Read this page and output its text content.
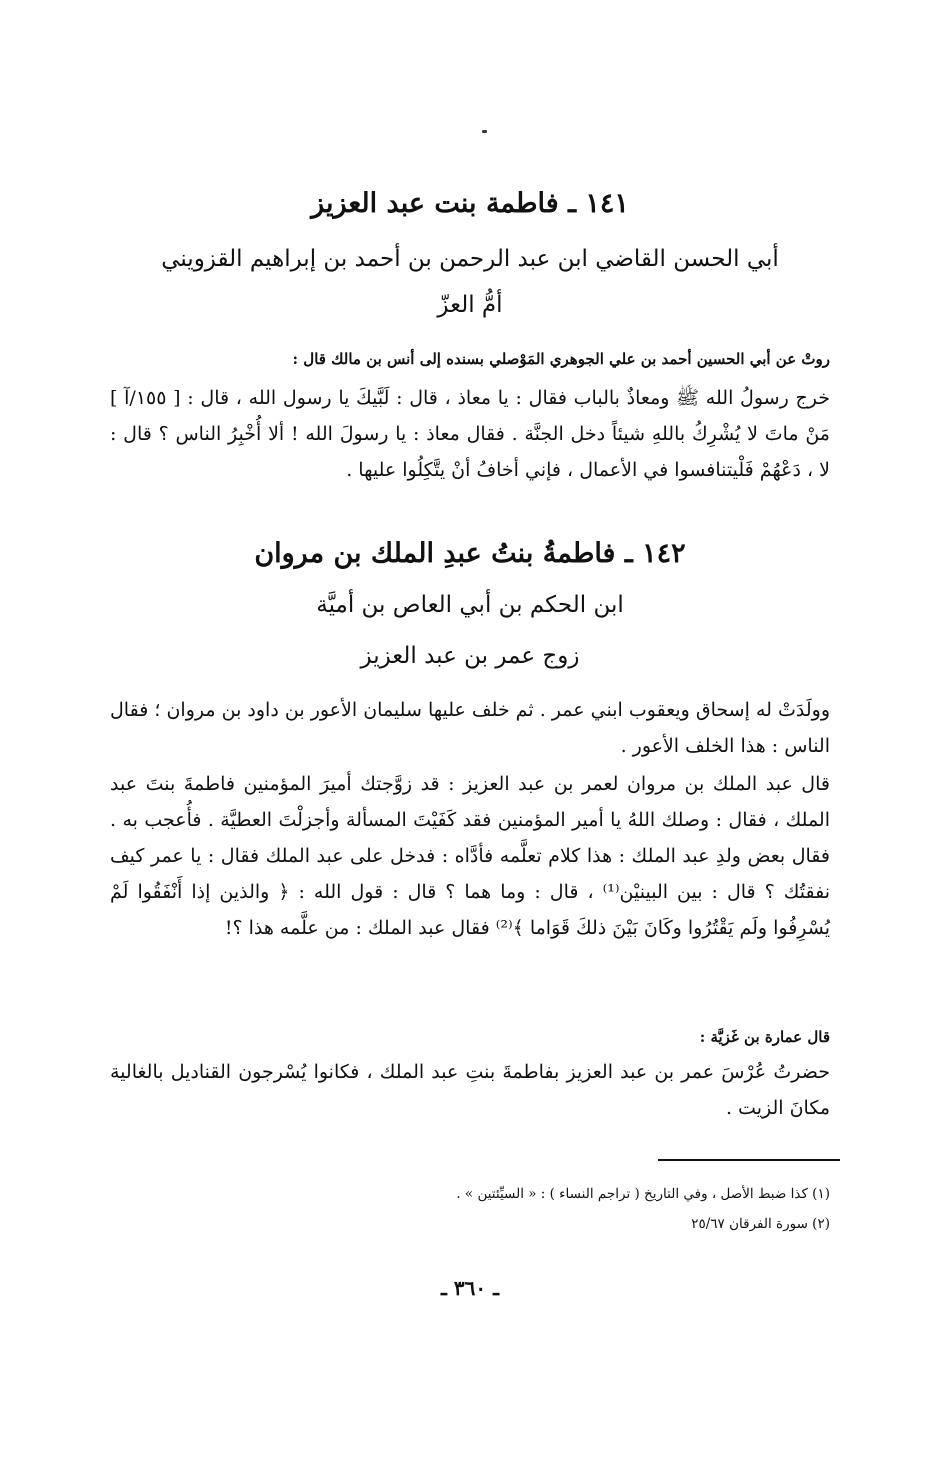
١٤١ ـ فاطمة بنت عبد العزيز
أبي الحسن القاضي ابن عبد الرحمن بن أحمد بن إبراهيم القزويني
أمُّ العزّ
روتْ عن أبي الحسين أحمد بن علي الجوهري المَوْصلي بسنده إلى أنس بن مالك قال :
خرج رسولُ الله ﷺ ومعاذٌ بالباب فقال : يا معاذ ، قال : لَبَّيكَ يا رسول الله ، قال : [ ١٥٥/آ ] مَنْ ماتَ لا يُشْرِكُ باللهِ شيئاً دخل الجنَّة . فقال معاذ : يا رسولَ الله ! ألا أُخْبِرُ الناس ؟ قال : لا ، دَعْهُمْ فَلْيتنافسوا في الأعمال ، فإني أخافُ أنْ يتَّكِلُوا عليها .
١٤٢ ـ فاطمةُ بنتُ عبدِ الملك بن مروان
ابن الحكم بن أبي العاص بن أميَّة
زوج عمر بن عبد العزيز
وولَدَتْ له إسحاق ويعقوب ابني عمر . ثم خلف عليها سليمان الأعور بن داود بن مروان ؛ فقال الناس : هذا الخلف الأعور .
قال عبد الملك بن مروان لعمر بن عبد العزيز : قد زوَّجتك أميرَ المؤمنين فاطمةَ بنتَ عبد الملك ، فقال : وصلك اللهُ يا أمير المؤمنين فقد كَفَيْتَ المسألة وأجزلْتَ العطيَّة . فأُعجب به . فقال بعض ولدِ عبد الملك : هذا كلام تعلَّمه فأدَّاه : فدخل على عبد الملك فقال : يا عمر كيف نفقتُك ؟ قال : بين البينيْن⁽¹⁾ ، قال : وما هما ؟ قال : قول الله : ﴿ والذين إذا أَنْفَقُوا لَمْ يُسْرِفُوا ولَم يَقْتُرُوا وكَانَ بَيْنَ ذلكَ قَوَاما ﴾⁽²⁾ فقال عبد الملك : من علَّمه هذا ؟!
قال عمارة بن غَزيَّة :
حضرتُ عُرْسَ عمر بن عبد العزيز بفاطمةَ بنتِ عبد الملك ، فكانوا يُسْرجون القناديل بالغالية مكانَ الزيت .
(١) كذا ضبط الأصل ، وفي التاريخ ( تراجم النساء ) : « السيِّئتين » .
(٢) سورة الفرقان ٢٥/٦٧
ـ ٣٦٠ ـ
